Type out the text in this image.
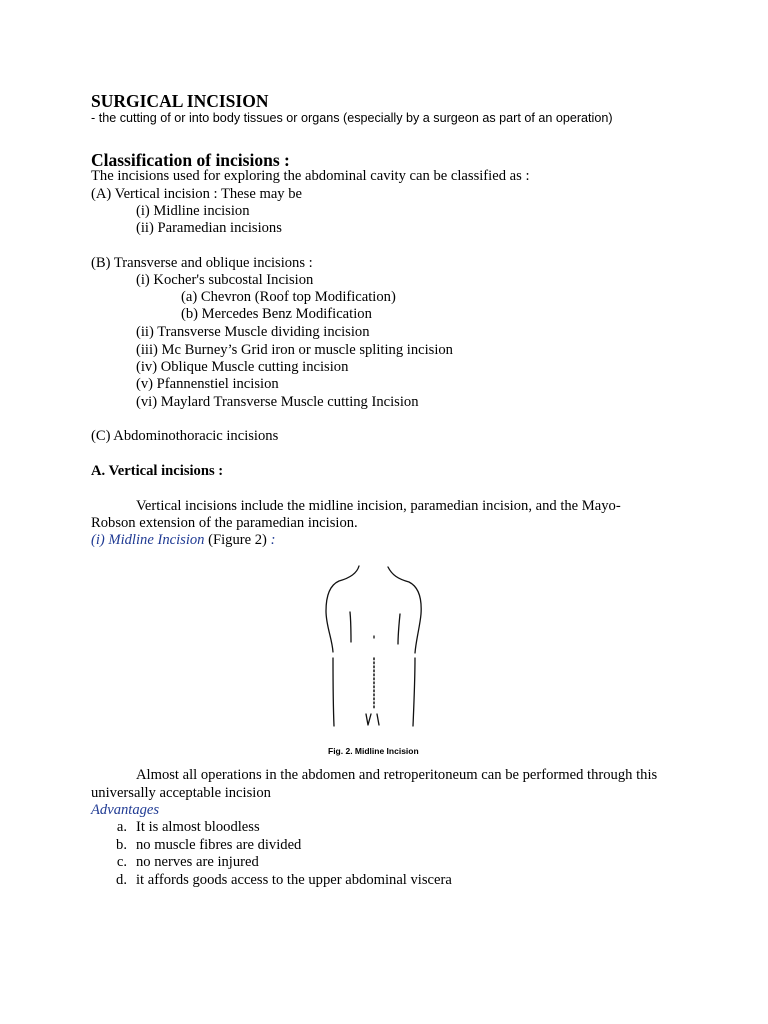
SURGICAL INCISION
- the cutting of or into body tissues or organs (especially by a surgeon as part of an operation)
Classification of incisions :
The incisions used for exploring the abdominal cavity can be classified as :
(A) Vertical incision : These may be
(i) Midline incision
(ii) Paramedian incisions
(B) Transverse and oblique incisions :
(i) Kocher's subcostal Incision
(a) Chevron (Roof top Modification)
(b) Mercedes Benz Modification
(ii) Transverse Muscle dividing incision
(iii) Mc Burney’s Grid iron or muscle spliting incision
(iv) Oblique Muscle cutting incision
(v) Pfannenstiel incision
(vi) Maylard Transverse Muscle cutting Incision
(C) Abdominothoracic incisions
A. Vertical incisions :
Vertical incisions include the midline incision, paramedian incision, and the Mayo-
Robson extension of the paramedian incision.
(i) Midline Incision (Figure 2) :
Fig. 2. Midline Incision
Almost all operations in the abdomen and retroperitoneum can be performed through this
universally acceptable incision
Advantages
a. It is almost bloodless
b. no muscle fibres are divided
c. no nerves are injured
d. it affords goods access to the upper abdominal viscera
